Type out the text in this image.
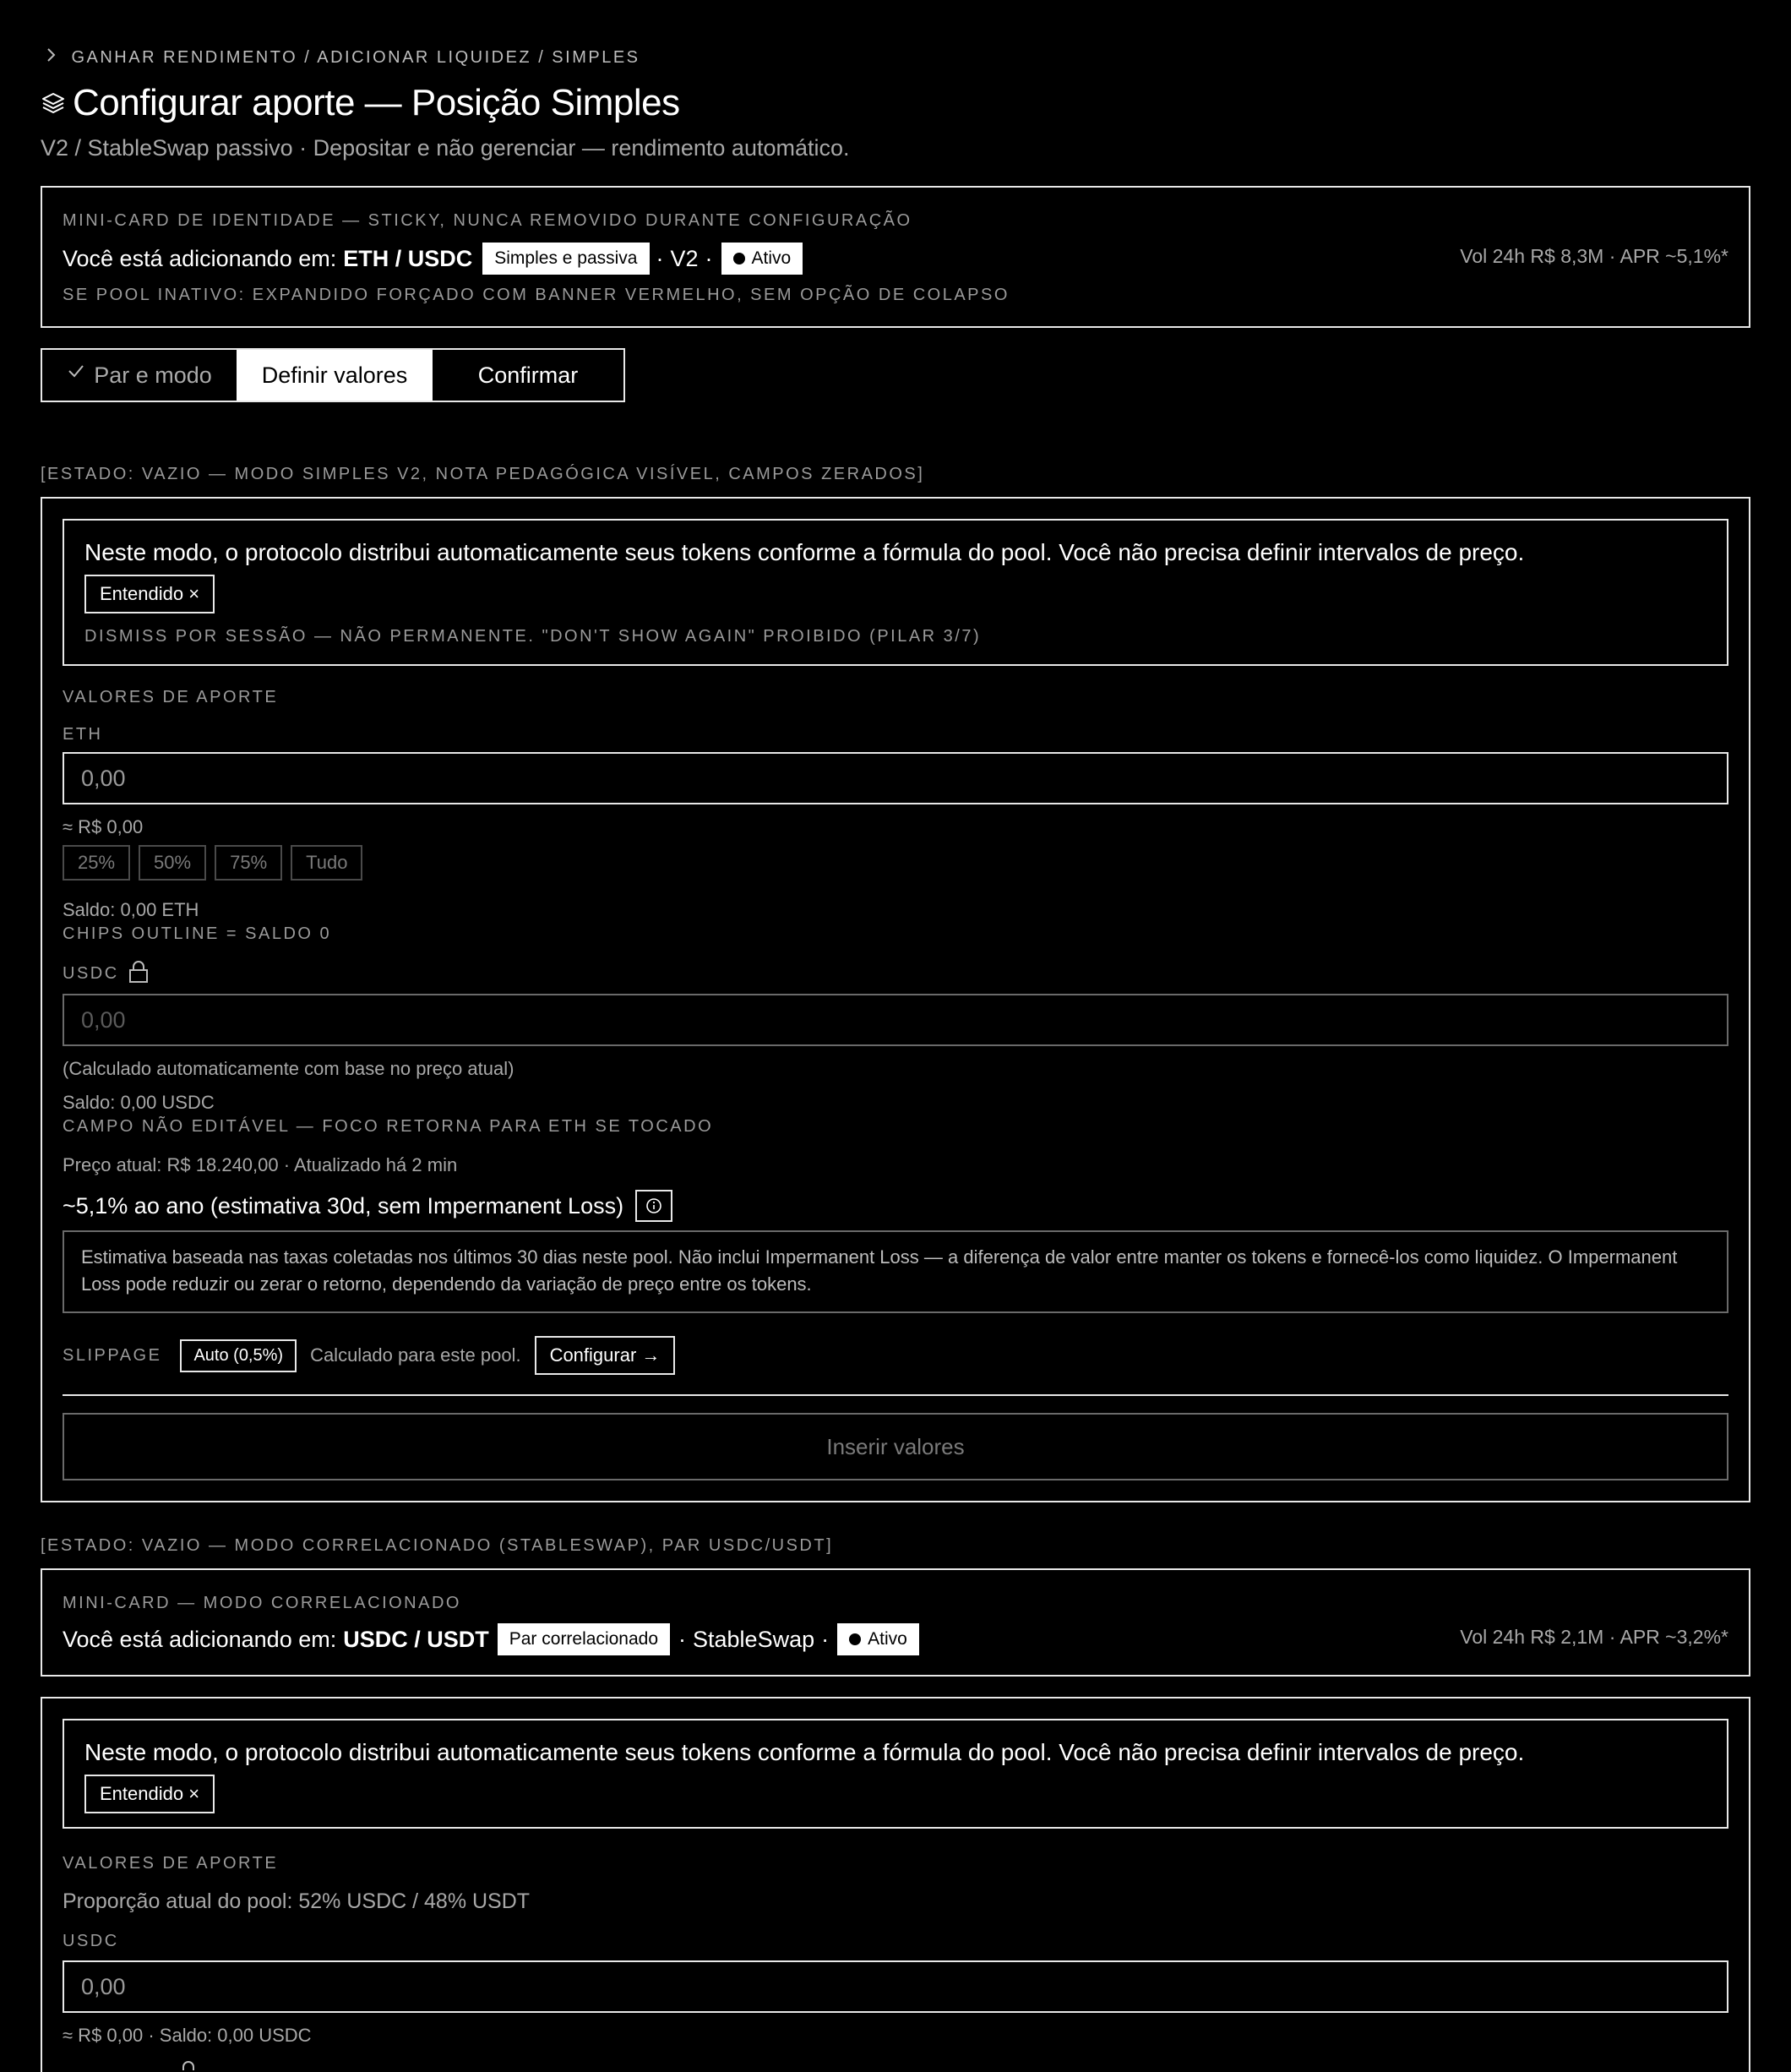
GANHAR RENDIMENTO / ADICIONAR LIQUIDEZ / SIMPLES
Configurar aporte — Posição Simples
V2 / StableSwap passivo · Depositar e não gerenciar — rendimento automático.
MINI-CARD DE IDENTIDADE — STICKY, NUNCA REMOVIDO DURANTE CONFIGURAÇÃO
Você está adicionando em: ETH / USDC	Simples e passiva · V2 ·	Ativo	Vol 24h R$ 8,3M · APR ~5,1%*
SE POOL INATIVO: EXPANDIDO FORÇADO COM BANNER VERMELHO, SEM OPÇÃO DE COLAPSO
Par e modo Definir valores	Confirmar
[ESTADO: VAZIO — MODO SIMPLES V2, NOTA PEDAGÓGICA VISÍVEL, CAMPOS ZERADOS]
Neste modo, o protocolo distribui automaticamente seus tokens conforme a fórmula do pool. Você não precisa definir intervalos de preço.
Entendido ×
DISMISS POR SESSÃO — NÃO PERMANENTE. "DON'T SHOW AGAIN" PROIBIDO (PILAR 3/7)
VALORES DE APORTE
ETH
0,00
≈ R$ 0,00
25% 50% 75% Tudo
Saldo: 0,00 ETH
CHIPS OUTLINE = SALDO 0
USDC
0,00
(Calculado automaticamente com base no preço atual)
Saldo: 0,00 USDC
CAMPO NÃO EDITÁVEL — FOCO RETORNA PARA ETH SE TOCADO
Preço atual: R$ 18.240,00 · Atualizado há 2 min
~5,1% ao ano (estimativa 30d, sem Impermanent Loss)
Estimativa baseada nas taxas coletadas nos últimos 30 dias neste pool. Não inclui Impermanent Loss — a diferença de valor entre manter os tokens e fornecê-los como liquidez. O Impermanent Loss pode reduzir ou zerar o retorno, dependendo da variação de preço entre os tokens.
SLIPPAGE	Auto (0,5%)	Calculado para este pool.	Configurar →
Inserir valores
[ESTADO: VAZIO — MODO CORRELACIONADO (STABLESWAP), PAR USDC/USDT]
MINI-CARD — MODO CORRELACIONADO
Você está adicionando em: USDC / USDT	Par correlacionado · StableSwap ·	Ativo	Vol 24h R$ 2,1M · APR ~3,2%*
Neste modo, o protocolo distribui automaticamente seus tokens conforme a fórmula do pool. Você não precisa definir intervalos de preço.
Entendido ×
VALORES DE APORTE
Proporção atual do pool: 52% USDC / 48% USDT
USDC
0,00
≈ R$ 0,00 · Saldo: 0,00 USDC
